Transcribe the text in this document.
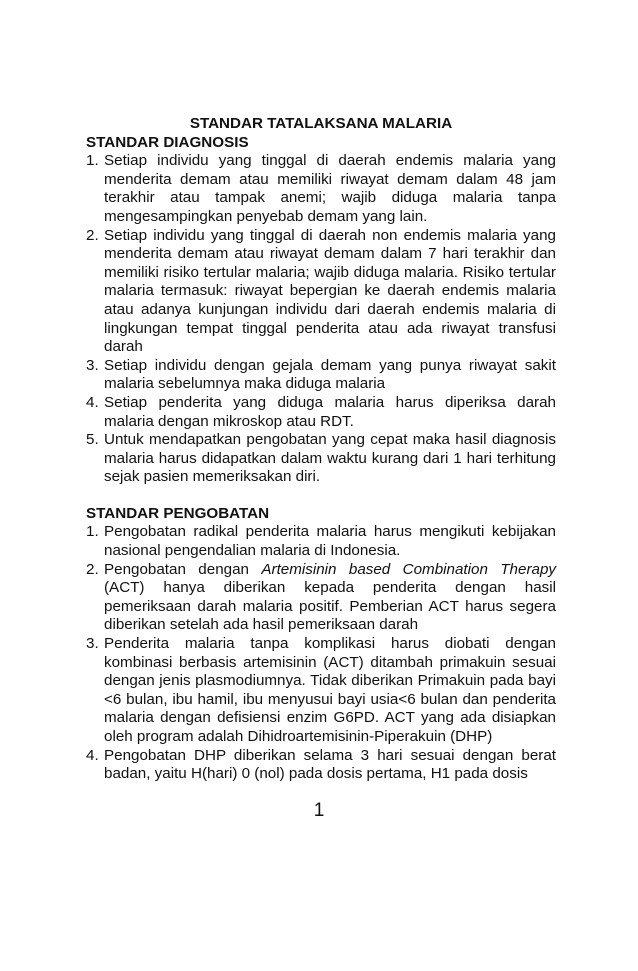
STANDAR TATALAKSANA MALARIA

STANDAR DIAGNOSIS

1. Setiap individu yang tinggal di daerah endemis malaria yang menderita demam atau memiliki riwayat demam dalam 48 jam terakhir atau tampak anemi; wajib diduga malaria tanpa mengesampingkan penyebab demam yang lain.
2. Setiap individu yang tinggal di daerah non endemis malaria yang menderita demam atau riwayat demam dalam 7 hari terakhir dan memiliki risiko tertular malaria; wajib diduga malaria. Risiko tertular malaria termasuk: riwayat bepergian ke daerah endemis malaria atau adanya kunjungan individu dari daerah endemis malaria di lingkungan tempat tinggal penderita atau ada riwayat transfusi darah
3. Setiap individu dengan gejala demam yang punya riwayat sakit malaria sebelumnya maka diduga malaria
4. Setiap penderita yang diduga malaria harus diperiksa darah malaria dengan mikroskop atau RDT.
5. Untuk mendapatkan pengobatan yang cepat maka hasil diagnosis malaria harus didapatkan dalam waktu kurang dari 1 hari terhitung sejak pasien memeriksakan diri.

STANDAR PENGOBATAN

1. Pengobatan radikal penderita malaria harus mengikuti kebijakan nasional pengendalian malaria di Indonesia.
2. Pengobatan dengan Artemisinin based Combination Therapy (ACT) hanya diberikan kepada penderita dengan hasil pemeriksaan darah malaria positif. Pemberian ACT harus segera diberikan setelah ada hasil pemeriksaan darah
3. Penderita malaria tanpa komplikasi harus diobati dengan kombinasi berbasis artemisinin (ACT) ditambah primakuin sesuai dengan jenis plasmodiumnya. Tidak diberikan Primakuin pada bayi <6 bulan, ibu hamil, ibu menyusui bayi usia<6 bulan dan penderita malaria dengan defisiensi enzim G6PD. ACT yang ada disiapkan oleh program adalah Dihidroartemisinin-Piperakuin (DHP)
4. Pengobatan DHP diberikan selama 3 hari sesuai dengan berat badan, yaitu H(hari) 0 (nol) pada dosis pertama, H1 pada dosis
1
